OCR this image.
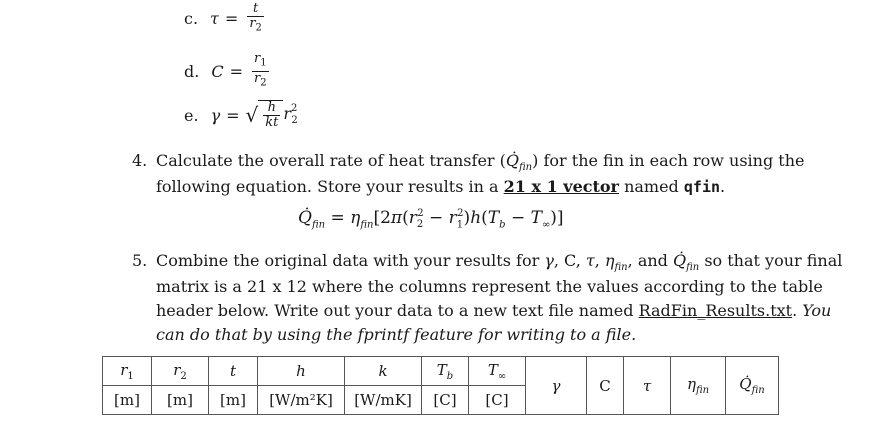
c. $\tau = \frac{t}{r_2}$
d. $C = \frac{r_1}{r_2}$
e. γ = √ $\frac{h}{kt} r^2_2$
4. Calculate the overall rate of heat transfer $(Q̇_{fin})$ for the fin in each row using the
following equation. Store your results in a 21 x 1 vector named qfin.
$Q̇_{fin} = \eta_{fin}[2\pi(r_2^2 - r_1^2)h(T_b - T_\infty)]$
5. Combine the original data with your results for γ, C, τ, $\eta_{fin}$, and $Q̇_{fin}$ so that your final
matrix is a 21 x 12 where the columns represent the values according to the table
header below. Write out your data to a new text file named RadFin_Results.txt. You
can do that by using the fprintf feature for writing to a file.
$r_1$	$r_2$	t	h	k	$T_b$	$T_\infty$	γ	C	τ	$\eta_{fin}$	$Q̇_{fin}$
[m]	[m]	[m]	[W/m²K]	[W/mK]	[C]	[C]					
